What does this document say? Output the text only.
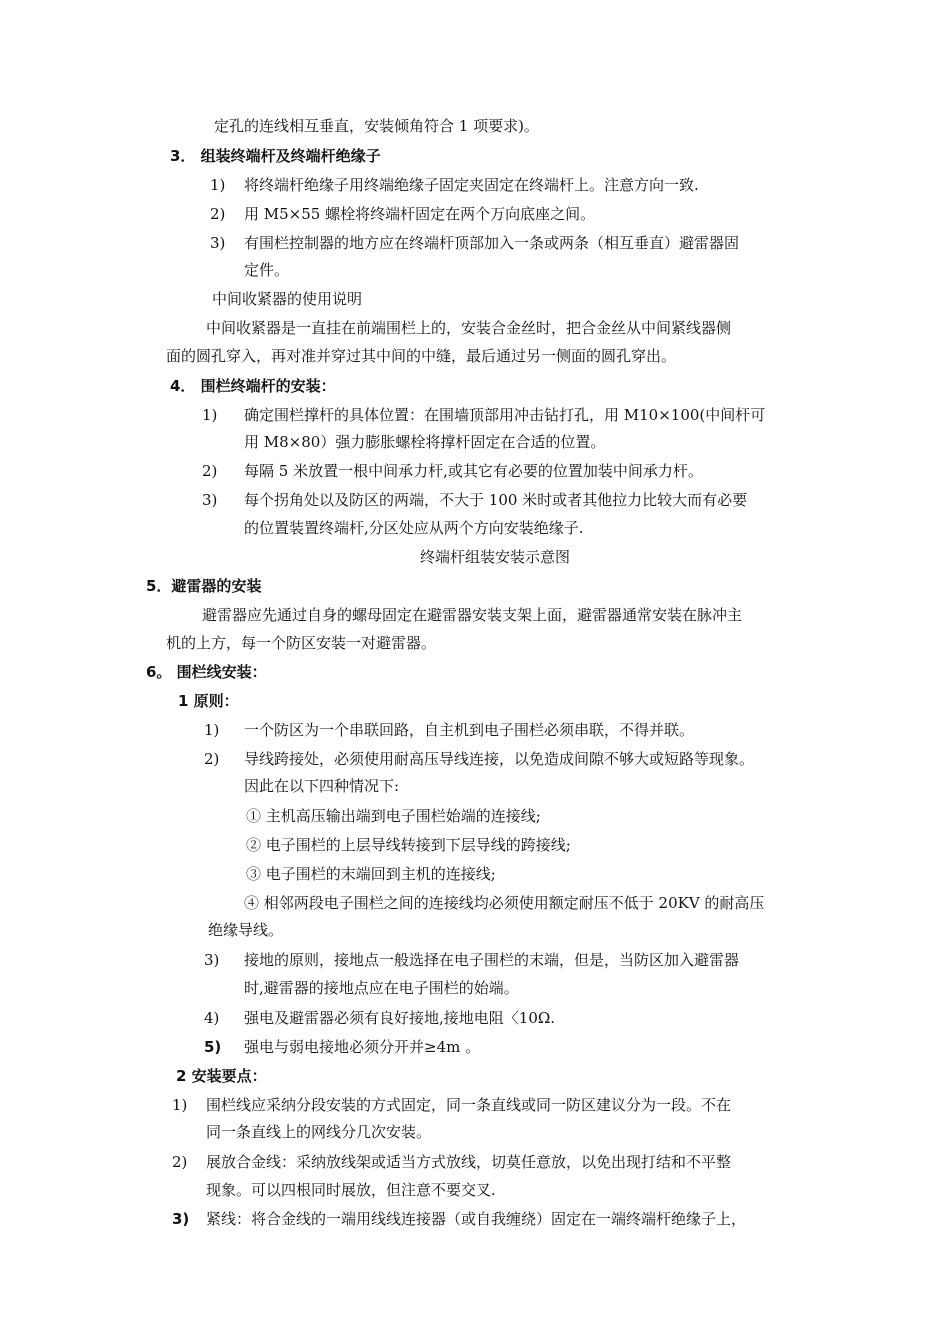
定孔的连线相互垂直，安装倾角符合 1 项要求)。
3． 组装终端杆及终端杆绝缘子
1) 将终端杆绝缘子用终端绝缘子固定夹固定在终端杆上。注意方向一致.
2) 用 M5×55 螺栓将终端杆固定在两个万向底座之间。
3) 有围栏控制器的地方应在终端杆顶部加入一条或两条（相互垂直）避雷器固
定件。
中间收紧器的使用说明
中间收紧器是一直挂在前端围栏上的，安装合金丝时，把合金丝从中间紧线器侧
面的圆孔穿入，再对准并穿过其中间的中缝，最后通过另一侧面的圆孔穿出。
4． 围栏终端杆的安装：
1) 确定围栏撑杆的具体位置：在围墙顶部用冲击钻打孔，用 M10×100(中间杆可
用 M8×80）强力膨胀螺栓将撑杆固定在合适的位置。
2) 每隔 5 米放置一根中间承力杆,或其它有必要的位置加装中间承力杆。
3) 每个拐角处以及防区的两端，不大于 100 米时或者其他拉力比较大而有必要
的位置装置终端杆,分区处应从两个方向安装绝缘子.
终端杆组装安装示意图
5．避雷器的安装
避雷器应先通过自身的螺母固定在避雷器安装支架上面，避雷器通常安装在脉冲主
机的上方，每一个防区安装一对避雷器。
6。 围栏线安装：
1 原则：
1) 一个防区为一个串联回路，自主机到电子围栏必须串联，不得并联。
2) 导线跨接处，必须使用耐高压导线连接，以免造成间隙不够大或短路等现象。
因此在以下四种情况下:
① 主机高压输出端到电子围栏始端的连接线;
② 电子围栏的上层导线转接到下层导线的跨接线;
③ 电子围栏的末端回到主机的连接线;
④ 相邻两段电子围栏之间的连接线均必须使用额定耐压不低于 20KV 的耐高压
绝缘导线。
3) 接地的原则，接地点一般选择在电子围栏的末端，但是，当防区加入避雷器
时,避雷器的接地点应在电子围栏的始端。
4) 强电及避雷器必须有良好接地,接地电阻〈10Ω.
5) 强电与弱电接地必须分开并≥4m 。
2 安装要点：
1) 围栏线应采纳分段安装的方式固定，同一条直线或同一防区建议分为一段。不在
同一条直线上的网线分几次安装。
2) 展放合金线：采纳放线架或适当方式放线，切莫任意放，以免出现打结和不平整
现象。可以四根同时展放，但注意不要交叉.
3) 紧线：将合金线的一端用线线连接器（或自我缠绕）固定在一端终端杆绝缘子上，
